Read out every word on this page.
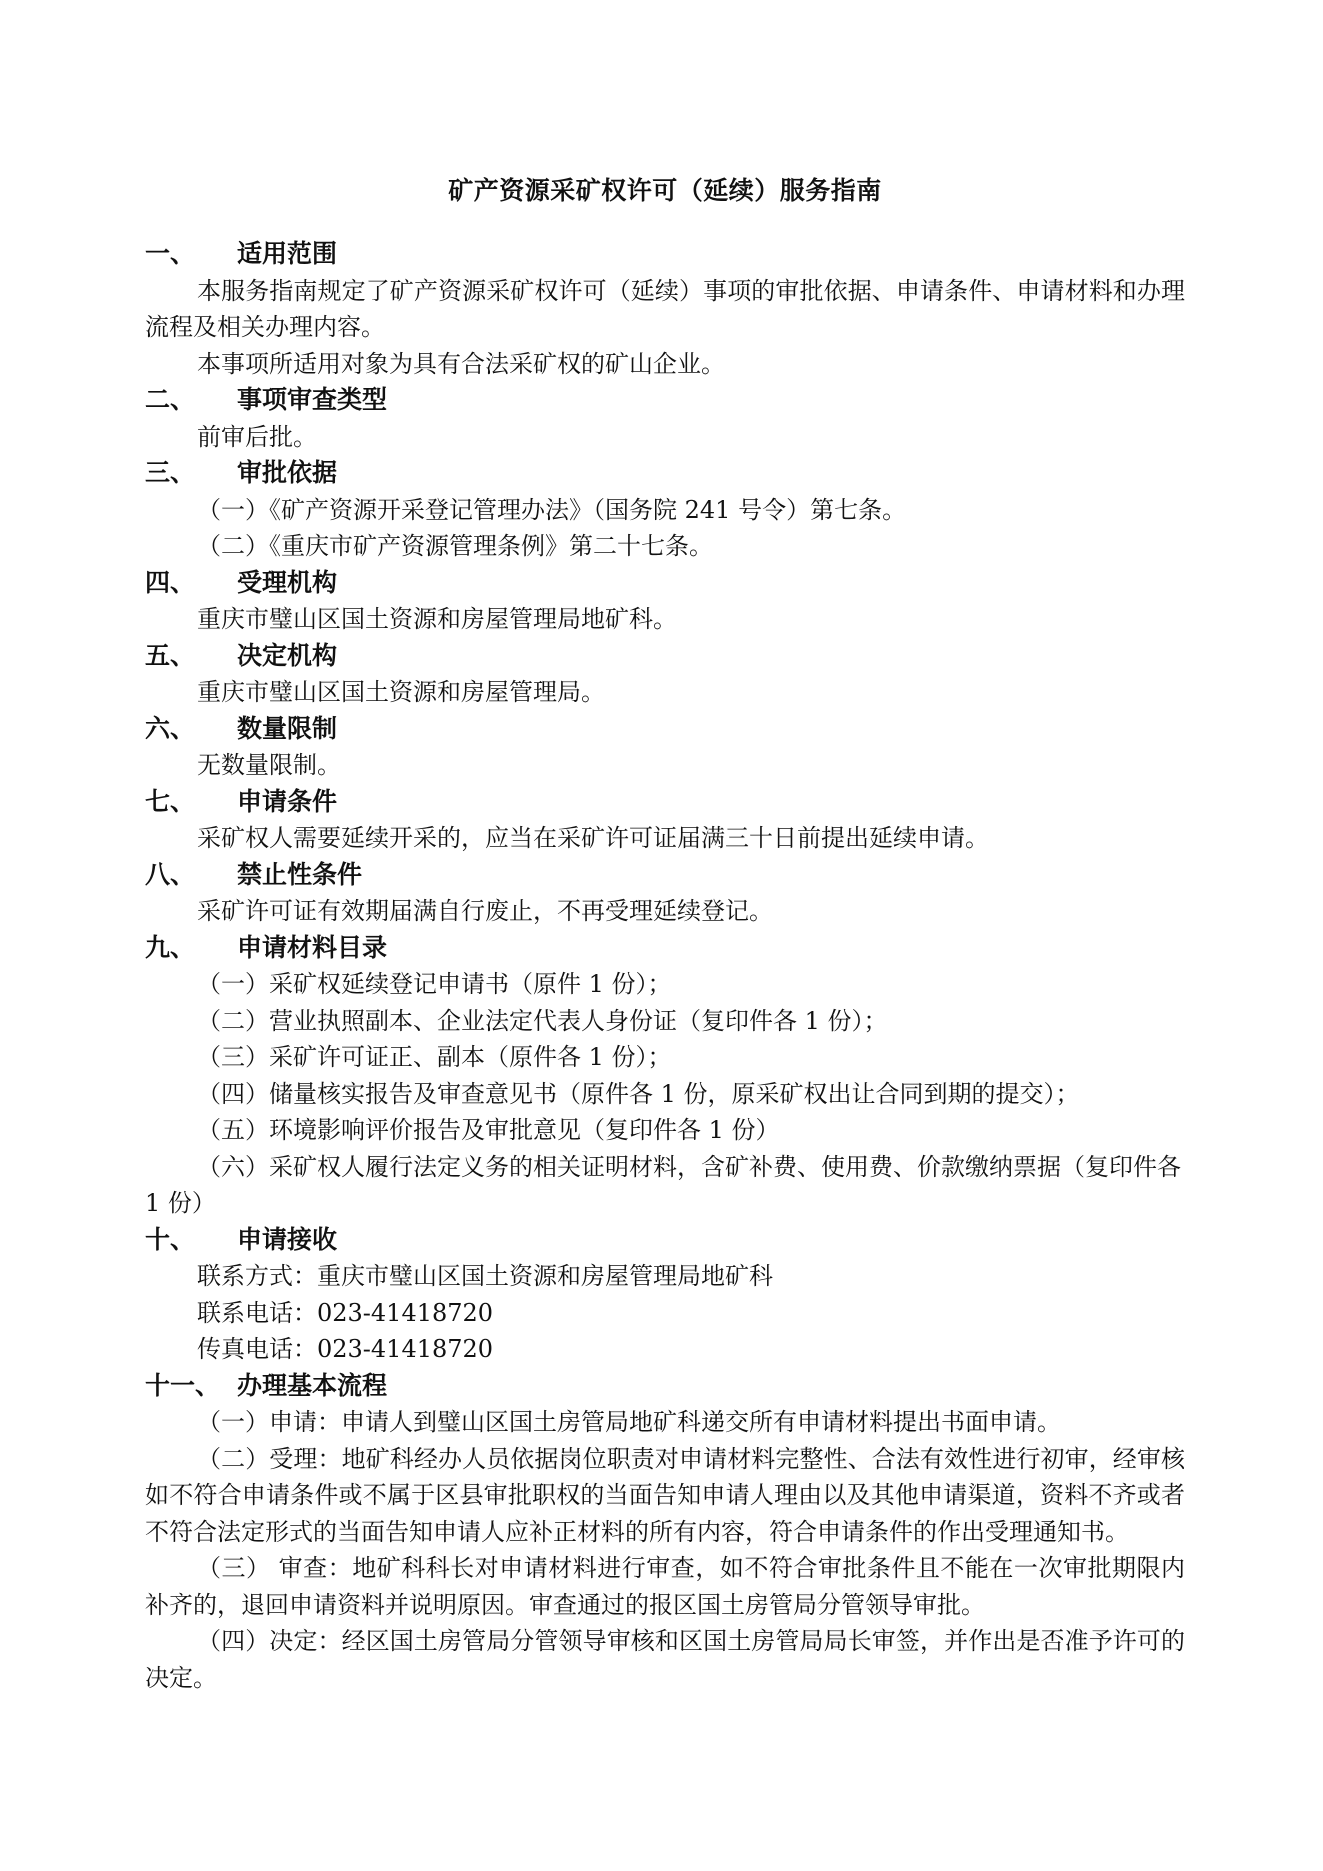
矿产资源采矿权许可（延续）服务指南
一、	适用范围

本服务指南规定了矿产资源采矿权许可（延续）事项的审批依据、申请条件、申请材料和办理流程及相关办理内容。

本事项所适用对象为具有合法采矿权的矿山企业。

二、	事项审查类型

前审后批。

三、	审批依据

（一）《矿产资源开采登记管理办法》（国务院 241 号令）第七条。

（二）《重庆市矿产资源管理条例》第二十七条。

四、	受理机构

重庆市璧山区国土资源和房屋管理局地矿科。

五、	决定机构

重庆市璧山区国土资源和房屋管理局。

六、	数量限制

无数量限制。

七、	申请条件

采矿权人需要延续开采的，应当在采矿许可证届满三十日前提出延续申请。

八、	禁止性条件

采矿许可证有效期届满自行废止，不再受理延续登记。

九、	申请材料目录

（一）采矿权延续登记申请书（原件 1 份）；

（二）营业执照副本、企业法定代表人身份证（复印件各 1 份）；

（三）采矿许可证正、副本（原件各 1 份）；

（四）储量核实报告及审查意见书（原件各 1 份，原采矿权出让合同到期的提交）；

（五）环境影响评价报告及审批意见（复印件各 1 份）

（六）采矿权人履行法定义务的相关证明材料，含矿补费、使用费、价款缴纳票据（复印件各 1 份）

十、	申请接收

联系方式：重庆市璧山区国土资源和房屋管理局地矿科

联系电话：023-41418720

传真电话：023-41418720

十一、 办理基本流程

（一）申请：申请人到璧山区国土房管局地矿科递交所有申请材料提出书面申请。

（二）受理：地矿科经办人员依据岗位职责对申请材料完整性、合法有效性进行初审，经审核如不符合申请条件或不属于区县审批职权的当面告知申请人理由以及其他申请渠道，资料不齐或者不符合法定形式的当面告知申请人应补正材料的所有内容，符合申请条件的作出受理通知书。

（三） 审查：地矿科科长对申请材料进行审查，如不符合审批条件且不能在一次审批期限内补齐的，退回申请资料并说明原因。审查通过的报区国土房管局分管领导审批。

（四）决定：经区国土房管局分管领导审核和区国土房管局局长审签，并作出是否准予许可的决定。
